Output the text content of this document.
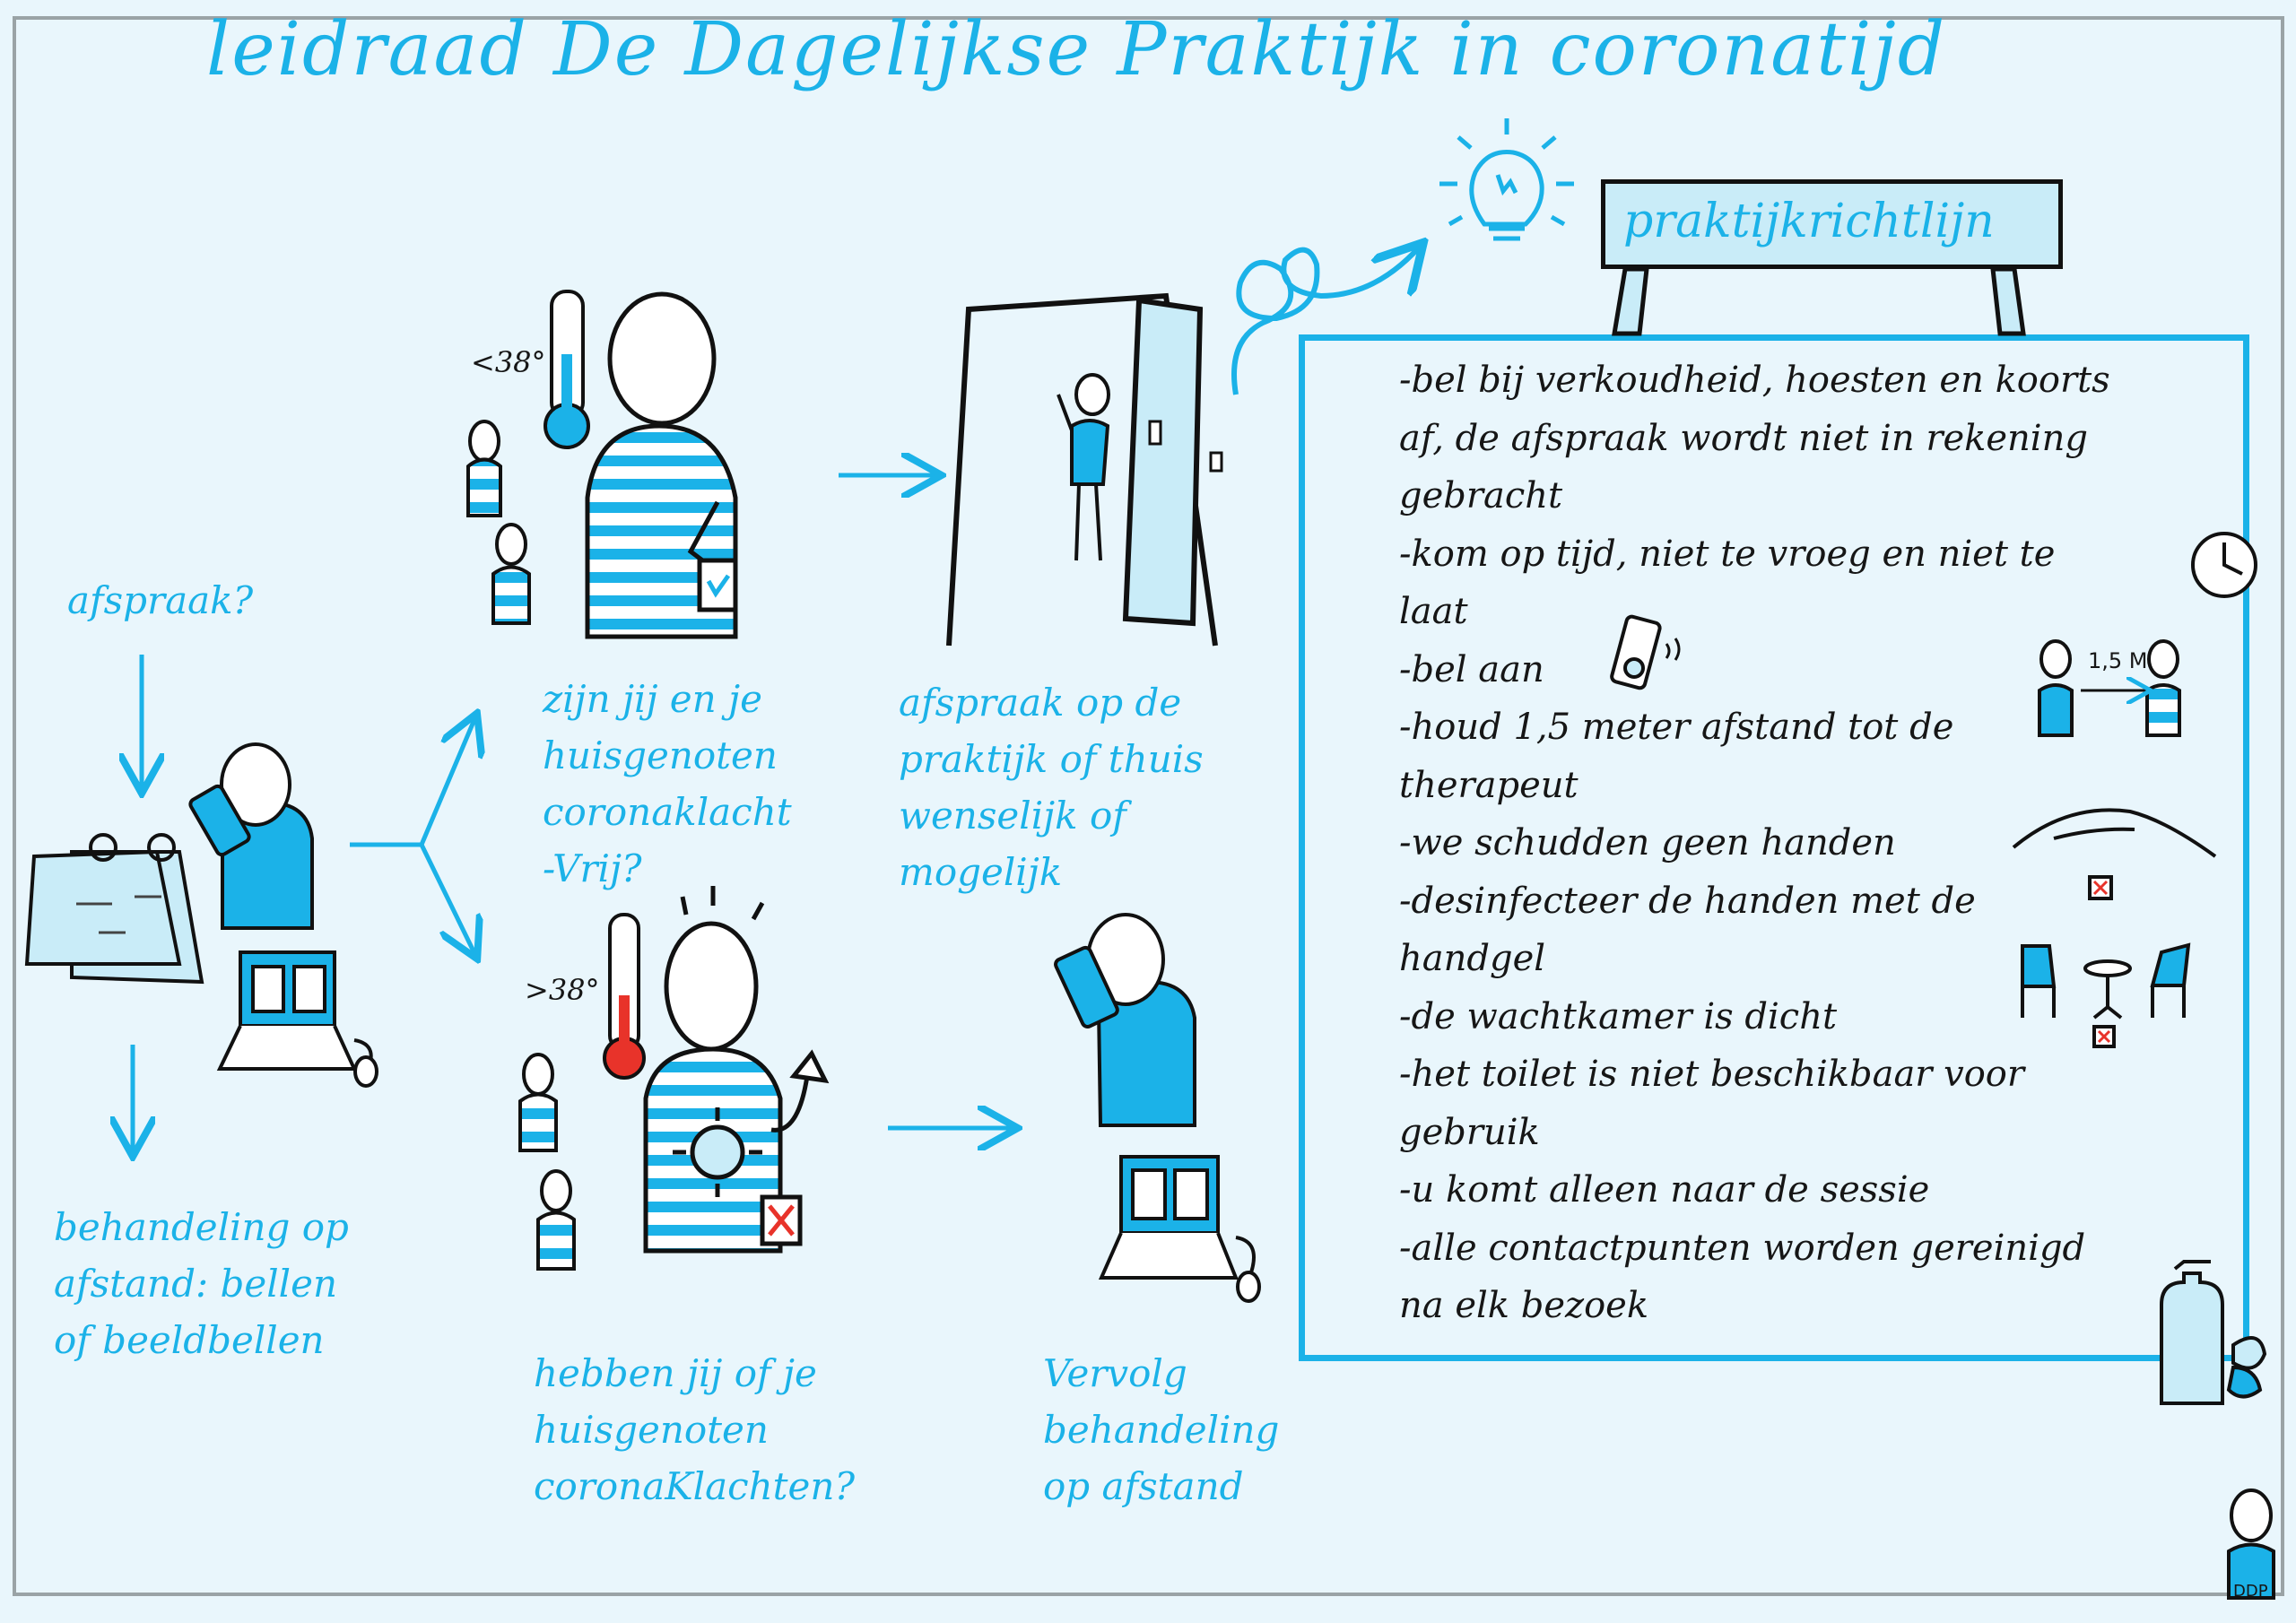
leidraad De Dagelijkse Praktijk in coronatijd
afspraak?
behandeling op
afstand: bellen
of beeldbellen
zijn jij en je
huisgenoten
coronaklacht
-Vrij?
hebben jij of je
huisgenoten
coronaKlachten?
afspraak op de
praktijk of thuis
wenselijk of
mogelijk
Vervolg
behandeling
op afstand
praktijkrichtlijn
-bel bij verkoudheid, hoesten en koorts
af, de afspraak wordt niet in rekening
gebracht
-kom op tijd, niet te vroeg en niet te
laat
-bel aan
-houd 1,5 meter afstand tot de
therapeut
-we schudden geen handen
-desinfecteer de handen met de
handgel
-de wachtkamer is dicht
-het toilet is niet beschikbaar voor
gebruik
-u komt alleen naar de sessie
-alle contactpunten worden gereinigd
na elk bezoek
<38°
>38°
1,5 M
DDP
